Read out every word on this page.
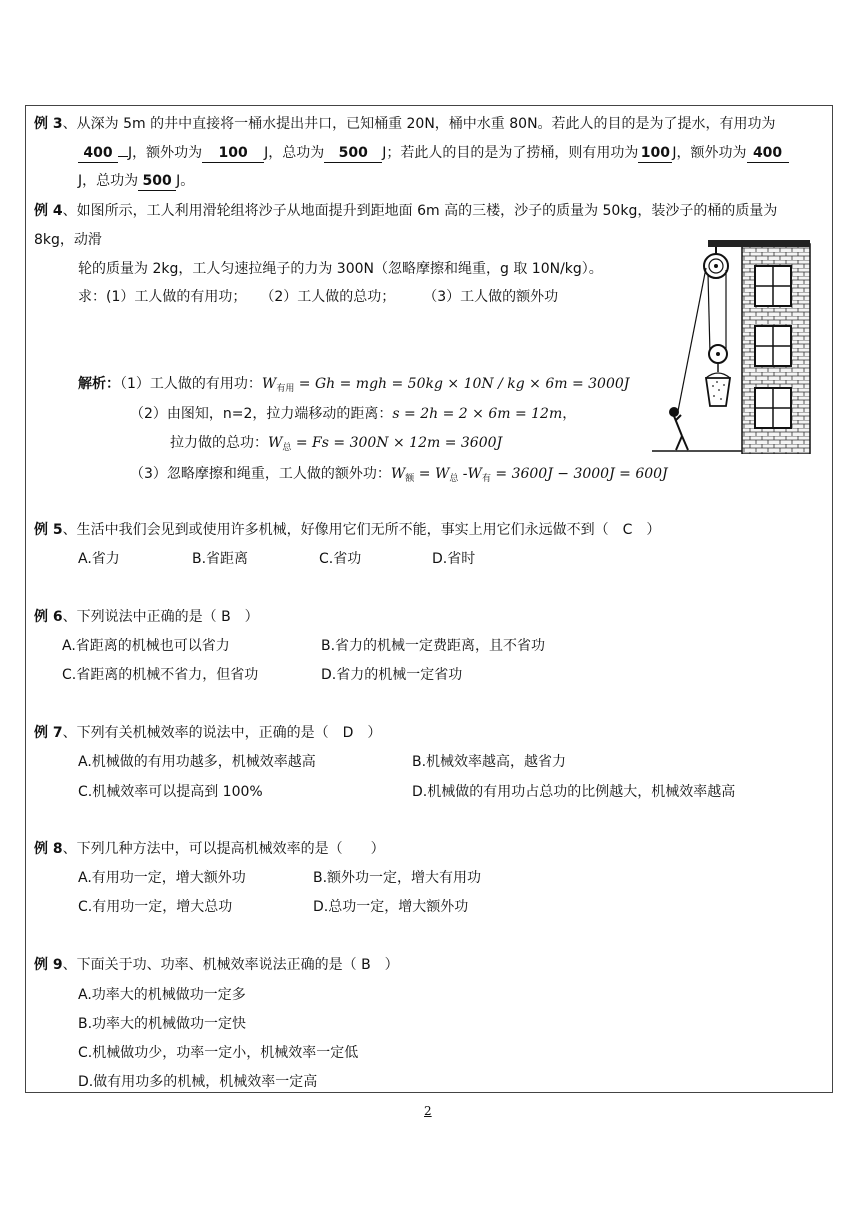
例 3、从深为 5m 的井中直接将一桶水提出井口，已知桶重 20N，桶中水重 80N。若此人的目的是为了提水，有用功为
400 J，额外功为 100 J，总功为 500 J；若此人的目的是为了捞桶，则有用功为 100 J，额外功为 400
J，总功为 500 J。
例 4、如图所示，工人利用滑轮组将沙子从地面提升到距地面 6m 高的三楼，沙子的质量为 50kg，装沙子的桶的质量为
8kg，动滑
轮的质量为 2kg，工人匀速拉绳子的力为 300N（忽略摩擦和绳重，g 取 10N/kg）。
求：(1）工人做的有用功；　　（2）工人做的总功；　　　（3）工人做的额外功
解析：（1）工人做的有用功：$W_{有用} = Gh$ = mgh = 50kg × 10N / kg × 6m = 3000J
（2）由图知，n=2，拉力端移动的距离：s = 2h = 2 × 6m = 12m，
拉力做的总功：$W_总 = Fs = 300N \times 12m = 3600J$
（3）忽略摩擦和绳重，工人做的额外功：$W_额 = W_总$ $-W_有 = 3600J - 3000J = 600J$
例 5、生活中我们会见到或使用许多机械，好像用它们无所不能，事实上用它们永远做不到（　C　）
A.省力	B.省距离	C.省功	D.省时
例 6、下列说法中正确的是（ B　）
A.省距离的机械也可以省力	B.省力的机械一定费距离，且不省功
C.省距离的机械不省力，但省功	D.省力的机械一定省功
例 7、下列有关机械效率的说法中，正确的是（　D　）
A.机械做的有用功越多，机械效率越高	B.机械效率越高，越省力
C.机械效率可以提高到 100%	D.机械做的有用功占总功的比例越大，机械效率越高
例 8、下列几种方法中，可以提高机械效率的是（　　）
A.有用功一定，增大额外功	B.额外功一定，增大有用功
C.有用功一定，增大总功	D.总功一定，增大额外功
例 9、下面关于功、功率、机械效率说法正确的是（ B　）
A.功率大的机械做功一定多
B.功率大的机械做功一定快
C.机械做功少，功率一定小，机械效率一定低
D.做有用功多的机械，机械效率一定高
2
